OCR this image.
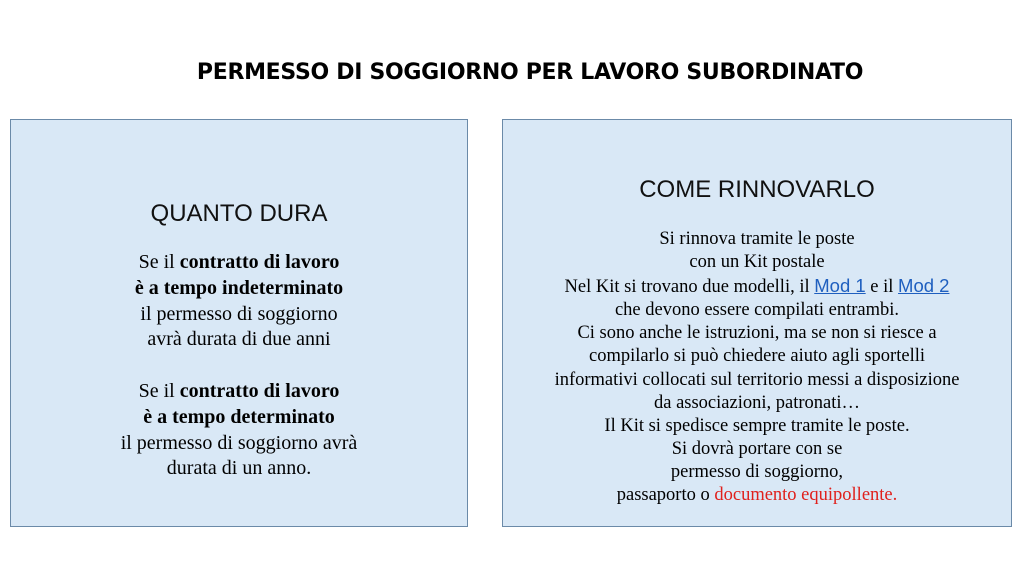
PERMESSO DI SOGGIORNO PER LAVORO SUBORDINATO
QUANTO DURA
Se il contratto di lavoro
è a tempo indeterminato
il permesso di soggiorno
avrà durata di due anni
Se il contratto di lavoro
è a tempo determinato
il permesso di soggiorno avrà
durata di un anno.
COME RINNOVARLO
Si rinnova tramite le poste
con un Kit postale
Nel Kit si trovano due modelli, il Mod 1 e il Mod 2
che devono essere compilati entrambi.
Ci sono anche le istruzioni, ma se non si riesce a
compilarlo si può chiedere aiuto agli sportelli
informativi collocati sul territorio messi a disposizione
da associazioni, patronati…
Il Kit si spedisce sempre tramite le poste.
Si dovrà portare con se
permesso di soggiorno,
passaporto o documento equipollente.
